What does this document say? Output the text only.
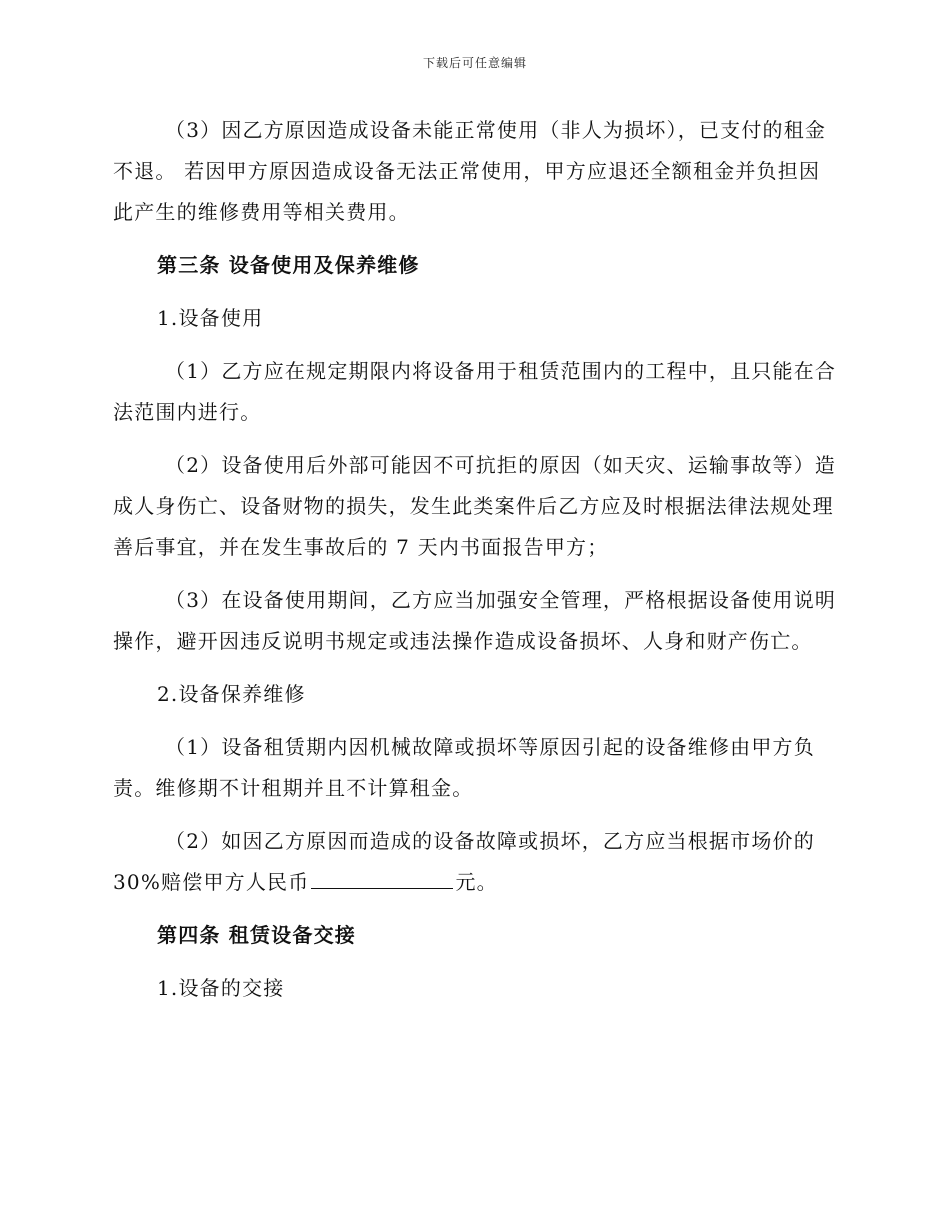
下载后可任意编辑

（3）因乙方原因造成设备未能正常使用（非人为损坏），已支付的租金不退。 若因甲方原因造成设备无法正常使用，甲方应退还全额租金并负担因此产生的维修费用等相关费用。

第三条 设备使用及保养维修

1.设备使用

（1）乙方应在规定期限内将设备用于租赁范围内的工程中，且只能在合法范围内进行。

（2）设备使用后外部可能因不可抗拒的原因（如天灾、运输事故等）造成人身伤亡、设备财物的损失，发生此类案件后乙方应及时根据法律法规处理善后事宜，并在发生事故后的 7 天内书面报告甲方；

（3）在设备使用期间，乙方应当加强安全管理，严格根据设备使用说明操作，避开因违反说明书规定或违法操作造成设备损坏、人身和财产伤亡。

2.设备保养维修

（1）设备租赁期内因机械故障或损坏等原因引起的设备维修由甲方负责。维修期不计租期并且不计算租金。

（2）如因乙方原因而造成的设备故障或损坏，乙方应当根据市场价的30%赔偿甲方人民币	元。

第四条 租赁设备交接

1.设备的交接
